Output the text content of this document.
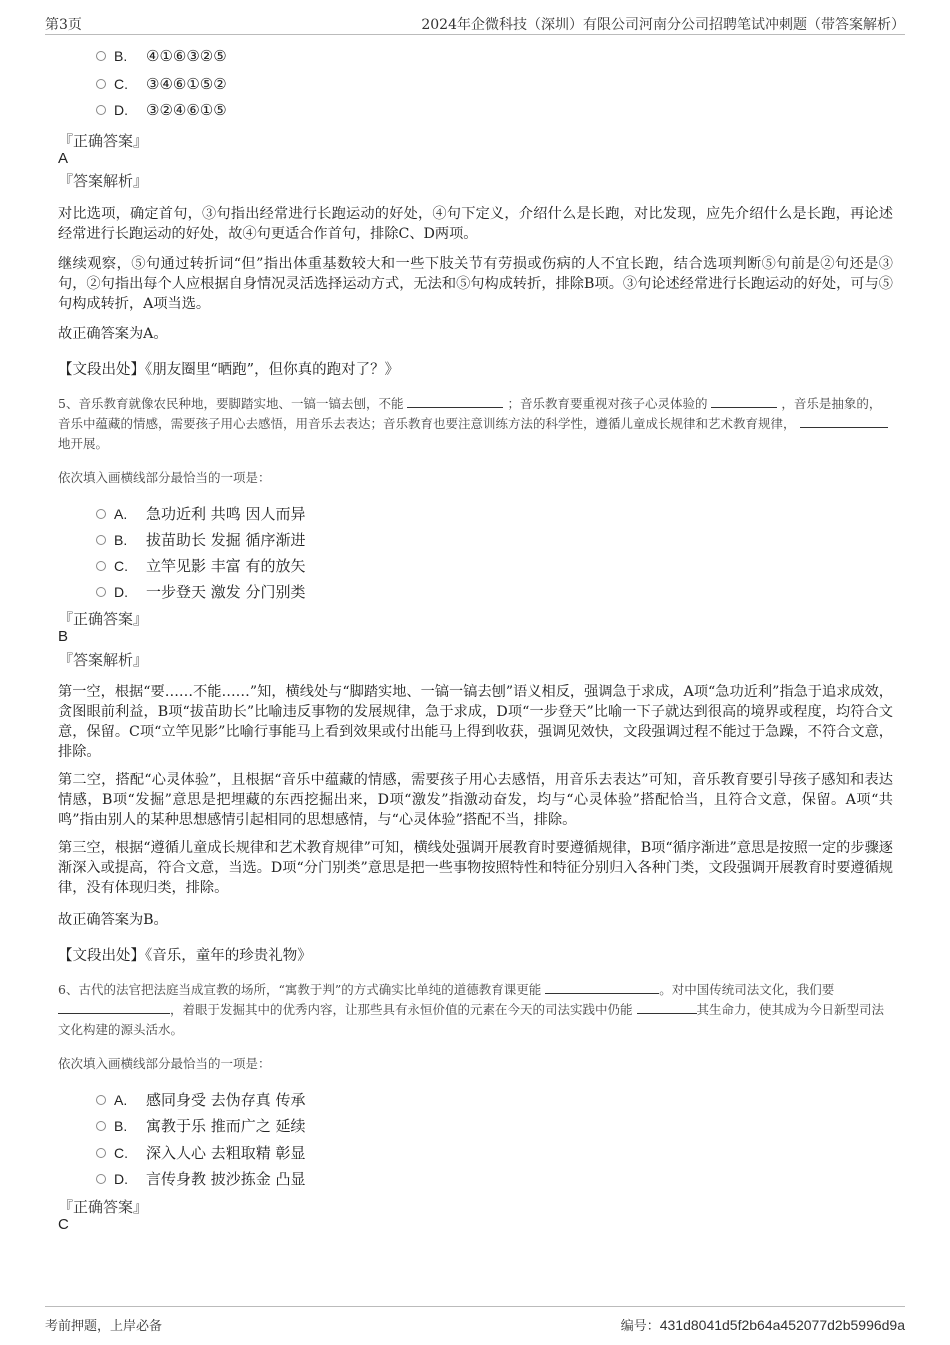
第3页	2024年企微科技（深圳）有限公司河南分公司招聘笔试冲刺题（带答案解析）
B. ④①⑥③②⑤
C. ③④⑥①⑤②
D. ③②④⑥①⑤
『正确答案』
A
『答案解析』
对比选项，确定首句，③句指出经常进行长跑运动的好处，④句下定义，介绍什么是长跑，对比发现，应先介绍什么是长跑，再论述经常进行长跑运动的好处，故④句更适合作首句，排除C、D两项。
继续观察，⑤句通过转折词“但”指出体重基数较大和一些下肢关节有劳损或伤病的人不宜长跑，结合选项判断⑤句前是②句还是③句，②句指出每个人应根据自身情况灵活选择运动方式，无法和⑤句构成转折，排除B项。③句论述经常进行长跑运动的好处，可与⑤句构成转折，A项当选。
故正确答案为A。
【文段出处】《朋友圈里“晒跑”，但你真的跑对了？》
5、音乐教育就像农民种地，要脚踏实地、一镐一镐去刨，不能	；音乐教育要重视对孩子心灵体验的	，音乐是抽象的，音乐中蕴藏的情感，需要孩子用心去感悟，用音乐去表达；音乐教育也要注意训练方法的科学性，遵循儿童成长规律和艺术教育规律， 地开展。
依次填入画横线部分最恰当的一项是：
A. 急功近利 共鸣 因人而异
B. 拔苗助长 发掘 循序渐进
C. 立竿见影 丰富 有的放矢
D. 一步登天 激发 分门别类
『正确答案』
B
『答案解析』
第一空，根据“要……不能……”知，横线处与“脚踏实地、一镐一镐去刨”语义相反，强调急于求成，A项“急功近利”指急于追求成效，贪图眼前利益，B项“拔苗助长”比喻违反事物的发展规律，急于求成，D项“一步登天”比喻一下子就达到很高的境界或程度，均符合文意，保留。C项“立竿见影”比喻行事能马上看到效果或付出能马上得到收获，强调见效快，文段强调过程不能过于急躁，不符合文意，排除。
第二空，搭配“心灵体验”，且根据“音乐中蕴藏的情感，需要孩子用心去感悟，用音乐去表达”可知，音乐教育要引导孩子感知和表达情感，B项“发掘”意思是把埋藏的东西挖掘出来，D项“激发”指激动奋发，均与“心灵体验”搭配恰当，且符合文意，保留。A项“共鸣”指由别人的某种思想感情引起相同的思想感情，与“心灵体验”搭配不当，排除。
第三空，根据“遵循儿童成长规律和艺术教育规律”可知，横线处强调开展教育时要遵循规律，B项“循序渐进”意思是按照一定的步骤逐渐深入或提高，符合文意，当选。D项“分门别类”意思是把一些事物按照特性和特征分别归入各种门类，文段强调开展教育时要遵循规律，没有体现归类，排除。
故正确答案为B。
【文段出处】《音乐，童年的珍贵礼物》
6、古代的法官把法庭当成宣教的场所，“寓教于判”的方式确实比单纯的道德教育课更能	。对中国传统司法文化，我们要 ，着眼于发掘其中的优秀内容，让那些具有永恒价值的元素在今天的司法实践中仍能	其生命力，使其成为今日新型司法文化构建的源头活水。
依次填入画横线部分最恰当的一项是：
A. 感同身受 去伪存真 传承
B. 寓教于乐 推而广之 延续
C. 深入人心 去粗取精 彰显
D. 言传身教 披沙拣金 凸显
『正确答案』
C
考前押题，上岸必备	编号：431d8041d5f2b64a452077d2b5996d9a
